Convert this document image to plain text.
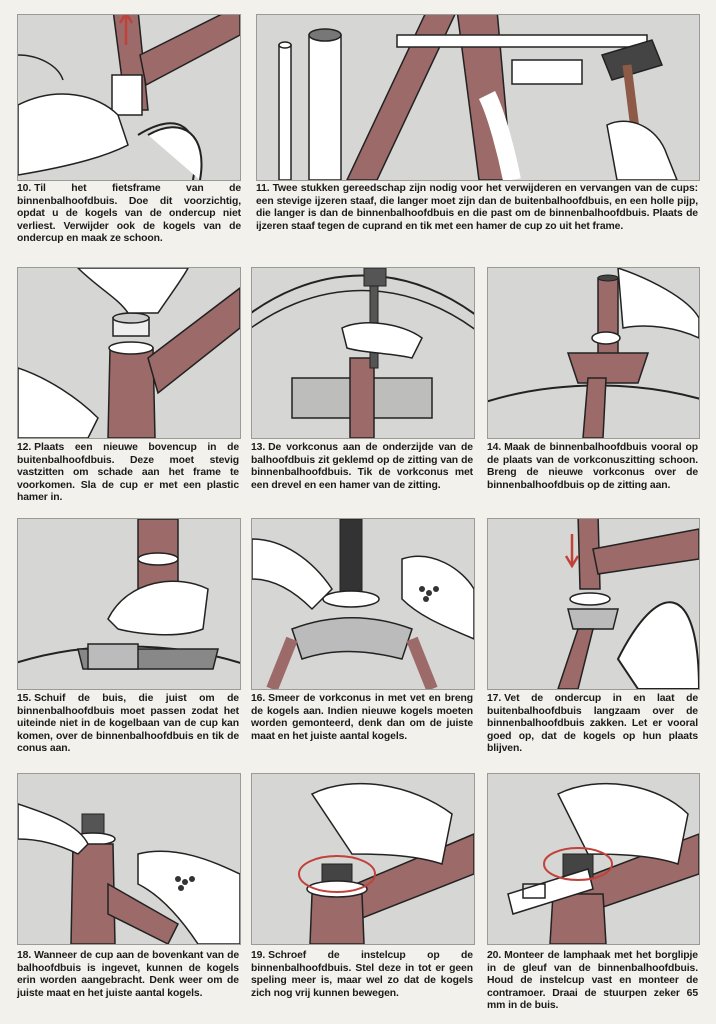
10. Til het fietsframe van de binnenbalhoofdbuis. Doe dit voorzichtig, opdat u de kogels van de ondercup niet verliest. Verwijder ook de kogels van de ondercup en maak ze schoon.
11. Twee stukken gereedschap zijn nodig voor het verwijderen en vervangen van de cups: een stevige ijzeren staaf, die langer moet zijn dan de buitenbalhoofdbuis, en een holle pijp, die langer is dan de binnenbalhoofdbuis en die past om de binnenbalhoofdbuis. Plaats de ijzeren staaf tegen de cuprand en tik met een hamer de cup zo uit het frame.
12. Plaats een nieuwe bovencup in de buitenbalhoofdbuis. Deze moet stevig vastzitten om schade aan het frame te voorkomen. Sla de cup er met een plastic hamer in.
13. De vorkconus aan de onderzijde van de balhoofdbuis zit geklemd op de zitting van de binnenbalhoofdbuis. Tik de vorkconus met een drevel en een hamer van de zitting.
14. Maak de binnenbalhoofdbuis vooral op de plaats van de vorkconuszitting schoon. Breng de nieuwe vorkconus over de binnenbalhoofdbuis op de zitting aan.
15. Schuif de buis, die juist om de binnenbalhoofdbuis moet passen zodat het uiteinde niet in de kogelbaan van de cup kan komen, over de binnenbalhoofdbuis en tik de conus aan.
16. Smeer de vorkconus in met vet en breng de kogels aan. Indien nieuwe kogels moeten worden gemonteerd, denk dan om de juiste maat en het juiste aantal kogels.
17. Vet de ondercup in en laat de buitenbalhoofdbuis langzaam over de binnenbalhoofdbuis zakken. Let er vooral goed op, dat de kogels op hun plaats blijven.
18. Wanneer de cup aan de bovenkant van de balhoofdbuis is ingevet, kunnen de kogels erin worden aangebracht. Denk weer om de juiste maat en het juiste aantal kogels.
19. Schroef de instelcup op de binnenbalhoofdbuis. Stel deze in tot er geen speling meer is, maar wel zo dat de kogels zich nog vrij kunnen bewegen.
20. Monteer de lamphaak met het borglipje in de gleuf van de binnenbalhoofdbuis. Houd de instelcup vast en monteer de contramoer. Draai de stuurpen zeker 65 mm in de buis.
